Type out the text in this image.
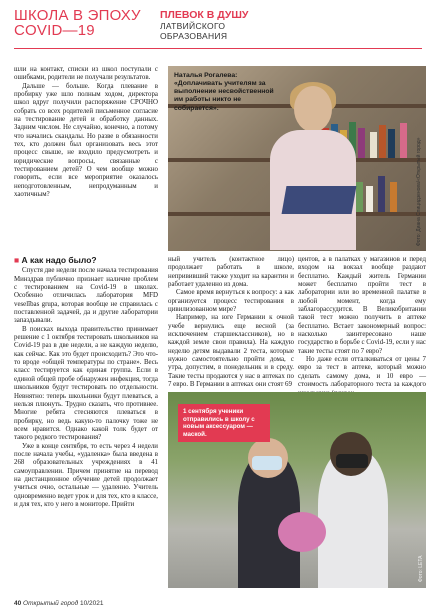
ШКОЛА В ЭПОХУ
COVID—19
ПЛЕВОК В ДУШУ
ЛАТВИЙСКОГО
ОБРАЗОВАНИЯ

шли на контакт, списки из школ поступали с ошибками, родители не получали результатов.

Дальше — больше. Когда плевание в пробирку уже шло полным ходом, директора школ вдруг получили распоряжение СРОЧНО собрать со всех родителей письменное согласие на тестирование детей и обработку данных. Задним числом. Не случайно, конечно, а потому что начались скандалы. Но разве в обязанности тех, кто должен был организовать весь этот процесс свыше, не входило предусмотреть и юридические вопросы, связанные с тестированием детей? О чем вообще можно говорить, если все мероприятие оказалось неподготовленным, непродуманным и хаотичным?

Наталья Рогалева:
«Доплачивать учителям за выполнение несвойственной им работы никто не собирается».
Фото: Диана Спицидзенова/«Открытый город»
■ А как надо было?

Спустя две недели после начала тестирования Минздрав публично признает наличие проблем с тестированием на Covid-19 в школах. Особенно отличилась лаборатория MFD veselības grupa, которая вообще не справилась с поставленной задачей, да и другие лаборатории запаздывали.

В поисках выхода правительство принимает решение с 1 октября тестировать школьников на Covid-19 раз в две недели, а не каждую неделю, как сейчас. Как это будет происходить? Это что-то вроде «общей температуры по стране». Весь класс тестируется как единая группа. Если в единой общей пробе обнаружен инфекция, тогда школьников будут тестировать по отдельности. Невнятно: теперь школьники будут плеваться, а нельзя плюнуть. Трудно сказать, что противнее. Многие ребята стесняются плеваться в пробирку, но ведь какую-то палочку тоже не всем нравится. Однако какой толк будет от такого редкого тестирования?

Уже в конце сентября, то есть через 4 недели после начала учебы, «удаленка» была введена в 268 образовательных учреждениях в 41 самоуправлении. Причем принятие на перевод на дистанционное обучение детей продолжает учиться очно, остальные — удаленно. Учитель одновременно ведет урок и для тех, кто в классе, и для тех, кто у него в мониторе. Прийти

ный учитель (контактное лицо) продолжает работать в школе, непрививший также уходит на карантин и работает удаленно из дома.

Самое время вернуться к вопросу: а как организуется процесс тестирования в цивилизованном мире?

Например, на юге Германии к очной учебе вернулись еще весной (за исключением старшеклассников), но в каждой земле свои правила). На каждую неделю детям выдавали 2 теста, которые нужно самостоятельно пройти дома, с утра, допустим, в понедельник и в среду. Такие тесты продаются у нас в аптеках по 7 евро. В Германии в аптеках они стоят 69

центов, а в палатках у магазинов и перед входом на вокзал вообще раздают бесплатно. Каждый житель Германии может бесплатно пройти тест в лаборатории или во временной палатке в любой момент, когда ему заблагорассудится. В Великобритании такой тест можно получить в аптеке бесплатно. Встает закономерный вопрос: насколько заинтересовано наше государство в борьбе с Covid-19, если у нас такие тесты стоят по 7 евро?

Но даже если отталкиваться от цены 7 евро за тест в аптеке, который можно сделать самому дома, и 10 евро — стоимость лабораторного теста за каждого

1 сентября ученики отправились в школу с новым аксессуаром — маской.
Фото: LETA
40 Открытый город 10/2021
